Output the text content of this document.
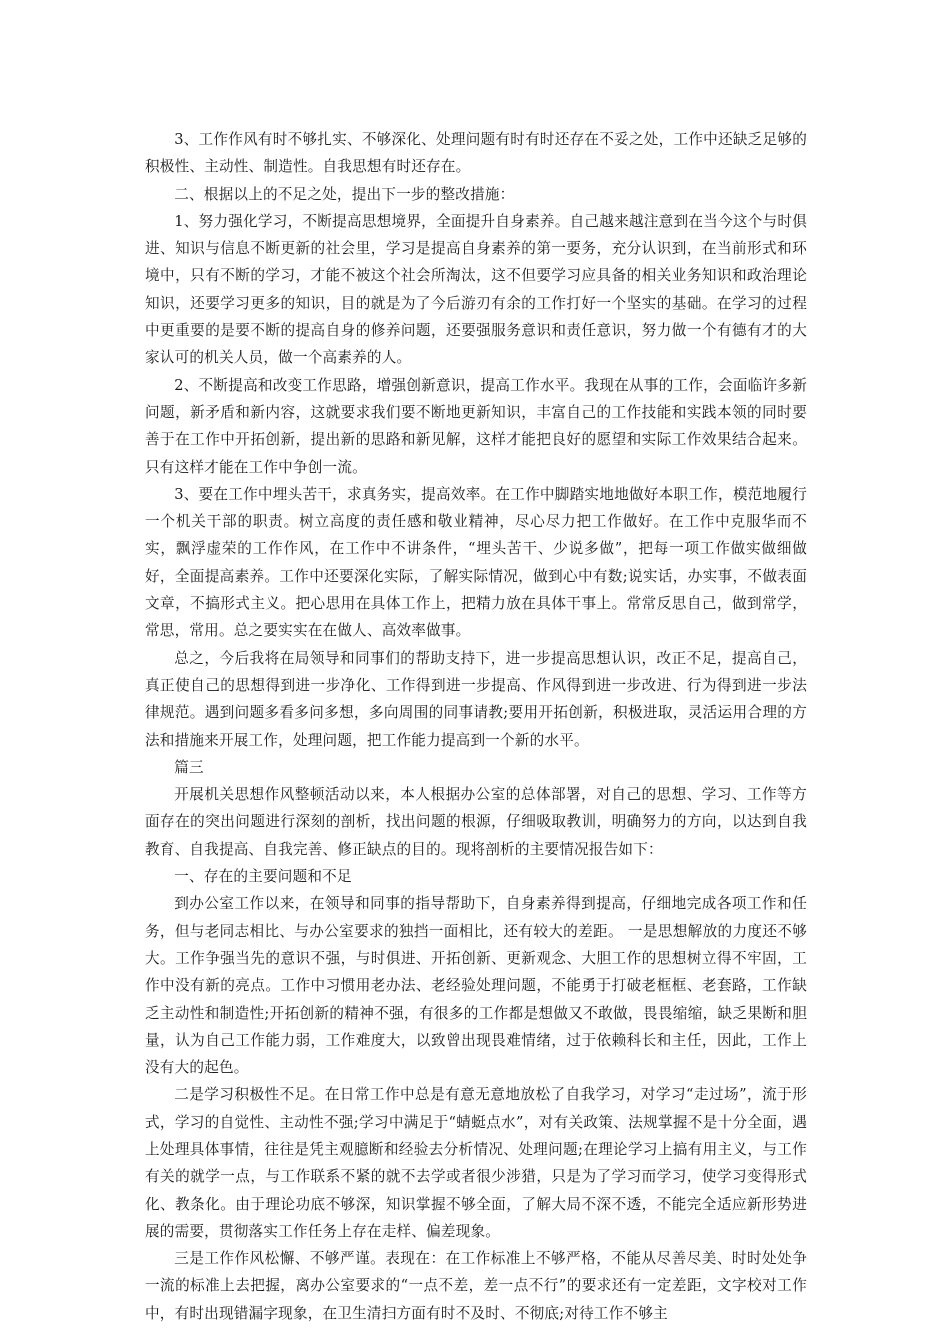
3、工作作风有时不够扎实、不够深化、处理问题有时有时还存在不妥之处，工作中还缺乏足够的积极性、主动性、制造性。自我思想有时还存在。

二、根据以上的不足之处，提出下一步的整改措施：

1、努力强化学习，不断提高思想境界，全面提升自身素养。自己越来越注意到在当今这个与时俱进、知识与信息不断更新的社会里，学习是提高自身素养的第一要务，充分认识到，在当前形式和环境中，只有不断的学习，才能不被这个社会所淘汰，这不但要学习应具备的相关业务知识和政治理论知识，还要学习更多的知识，目的就是为了今后游刃有余的工作打好一个坚实的基础。在学习的过程中更重要的是要不断的提高自身的修养问题，还要强服务意识和责任意识，努力做一个有德有才的大家认可的机关人员，做一个高素养的人。

2、不断提高和改变工作思路，增强创新意识，提高工作水平。我现在从事的工作，会面临许多新问题，新矛盾和新内容，这就要求我们要不断地更新知识，丰富自己的工作技能和实践本领的同时要善于在工作中开拓创新，提出新的思路和新见解，这样才能把良好的愿望和实际工作效果结合起来。只有这样才能在工作中争创一流。

3、要在工作中埋头苦干，求真务实，提高效率。在工作中脚踏实地地做好本职工作，模范地履行一个机关干部的职责。树立高度的责任感和敬业精神，尽心尽力把工作做好。在工作中克服华而不实，飘浮虚荣的工作作风，在工作中不讲条件，“埋头苦干、少说多做”，把每一项工作做实做细做好，全面提高素养。工作中还要深化实际，了解实际情况，做到心中有数;说实话，办实事，不做表面文章，不搞形式主义。把心思用在具体工作上，把精力放在具体干事上。常常反思自己，做到常学，常思，常用。总之要实实在在做人、高效率做事。

总之，今后我将在局领导和同事们的帮助支持下，进一步提高思想认识，改正不足，提高自己，真正使自己的思想得到进一步净化、工作得到进一步提高、作风得到进一步改进、行为得到进一步法律规范。遇到问题多看多问多想，多向周围的同事请教;要用开拓创新，积极进取，灵活运用合理的方法和措施来开展工作，处理问题，把工作能力提高到一个新的水平。

篇三

开展机关思想作风整顿活动以来，本人根据办公室的总体部署，对自己的思想、学习、工作等方面存在的突出问题进行深刻的剖析，找出问题的根源，仔细吸取教训，明确努力的方向，以达到自我教育、自我提高、自我完善、修正缺点的目的。现将剖析的主要情况报告如下：

一、存在的主要问题和不足

到办公室工作以来，在领导和同事的指导帮助下，自身素养得到提高，仔细地完成各项工作和任务，但与老同志相比、与办公室要求的独挡一面相比，还有较大的差距。 一是思想解放的力度还不够大。工作争强当先的意识不强，与时俱进、开拓创新、更新观念、大胆工作的思想树立得不牢固，工作中没有新的亮点。工作中习惯用老办法、老经验处理问题，不能勇于打破老框框、老套路，工作缺乏主动性和制造性;开拓创新的精神不强，有很多的工作都是想做又不敢做，畏畏缩缩，缺乏果断和胆量，认为自己工作能力弱，工作难度大，以致曾出现畏难情绪，过于依赖科长和主任，因此，工作上没有大的起色。

二是学习积极性不足。在日常工作中总是有意无意地放松了自我学习，对学习“走过场”，流于形式，学习的自觉性、主动性不强;学习中满足于“蜻蜓点水”，对有关政策、法规掌握不是十分全面，遇上处理具体事情，往往是凭主观臆断和经验去分析情况、处理问题;在理论学习上搞有用主义，与工作有关的就学一点，与工作联系不紧的就不去学或者很少涉猎，只是为了学习而学习，使学习变得形式化、教条化。由于理论功底不够深，知识掌握不够全面，了解大局不深不透，不能完全适应新形势进展的需要，贯彻落实工作任务上存在走样、偏差现象。

三是工作作风松懈、不够严谨。表现在：在工作标准上不够严格，不能从尽善尽美、时时处处争一流的标准上去把握，离办公室要求的“一点不差，差一点不行”的要求还有一定差距，文字校对工作中，有时出现错漏字现象，在卫生清扫方面有时不及时、不彻底;对待工作不够主
